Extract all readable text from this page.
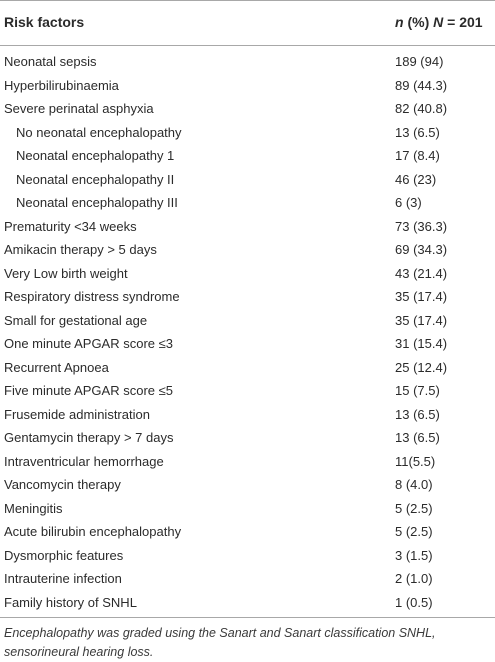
Risk factors	n (%) N = 201
Neonatal sepsis	189 (94)
Hyperbilirubinaemia	89 (44.3)
Severe perinatal asphyxia	82 (40.8)
No neonatal encephalopathy	13 (6.5)
Neonatal encephalopathy 1	17 (8.4)
Neonatal encephalopathy II	46 (23)
Neonatal encephalopathy III	6 (3)
Prematurity <34 weeks	73 (36.3)
Amikacin therapy > 5 days	69 (34.3)
Very Low birth weight	43 (21.4)
Respiratory distress syndrome	35 (17.4)
Small for gestational age	35 (17.4)
One minute APGAR score ≤3	31 (15.4)
Recurrent Apnoea	25 (12.4)
Five minute APGAR score ≤5	15 (7.5)
Frusemide administration	13 (6.5)
Gentamycin therapy > 7 days	13 (6.5)
Intraventricular hemorrhage	11(5.5)
Vancomycin therapy	8 (4.0)
Meningitis	5 (2.5)
Acute bilirubin encephalopathy	5 (2.5)
Dysmorphic features	3 (1.5)
Intrauterine infection	2 (1.0)
Family history of SNHL	1 (0.5)
Encephalopathy was graded using the Sanart and Sanart classification SNHL, sensorineural hearing loss.
